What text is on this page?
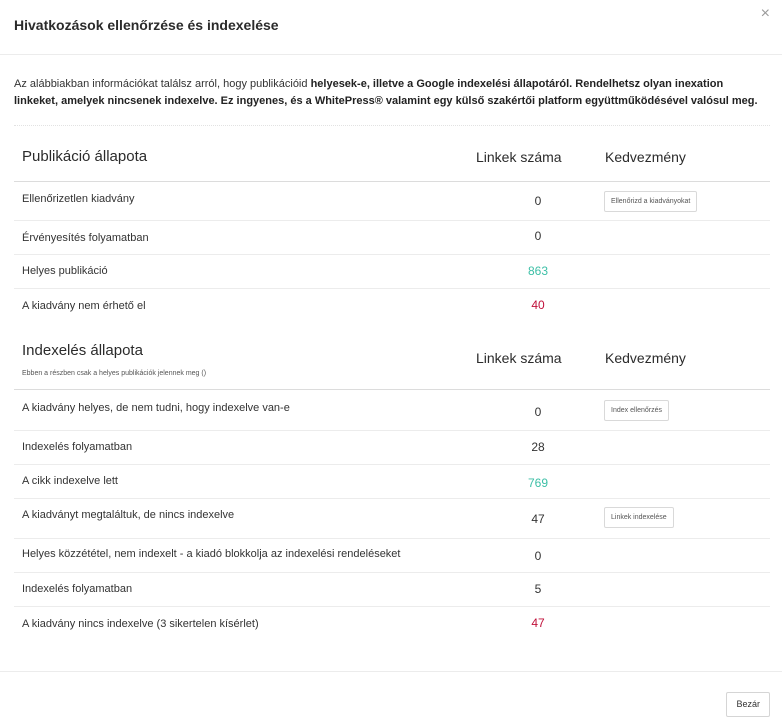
Hivatkozások ellenőrzése és indexelése
×
Az alábbiakban információkat találsz arról, hogy publikációid helyesek-e, illetve a Google indexelési állapotáról. Rendelhetsz olyan inexation linkeket, amelyek nincsenek indexelve. Ez ingyenes, és a WhitePress® valamint egy külső szakértői platform együttműködésével valósul meg.
Publikáció állapota	Linkek száma	Kedvezmény
Ellenőrizetlen kiadvány	0	Ellenőrizd a kiadványokat
Érvényesítés folyamatban	0
Helyes publikáció	863
A kiadvány nem érhető el	40
Indexelés állapota
Ebben a részben csak a helyes publikációk jelennek meg ()
Linkek száma	Kedvezmény
A kiadvány helyes, de nem tudni, hogy indexelve van-e	0	Index ellenőrzés
Indexelés folyamatban	28
A cikk indexelve lett	769
A kiadványt megtaláltuk, de nincs indexelve	47	Linkek indexelése
Helyes közzététel, nem indexelt - a kiadó blokkolja az indexelési rendeléseket	0
Indexelés folyamatban	5
A kiadvány nincs indexelve (3 sikertelen kísérlet)	47
Bezár
